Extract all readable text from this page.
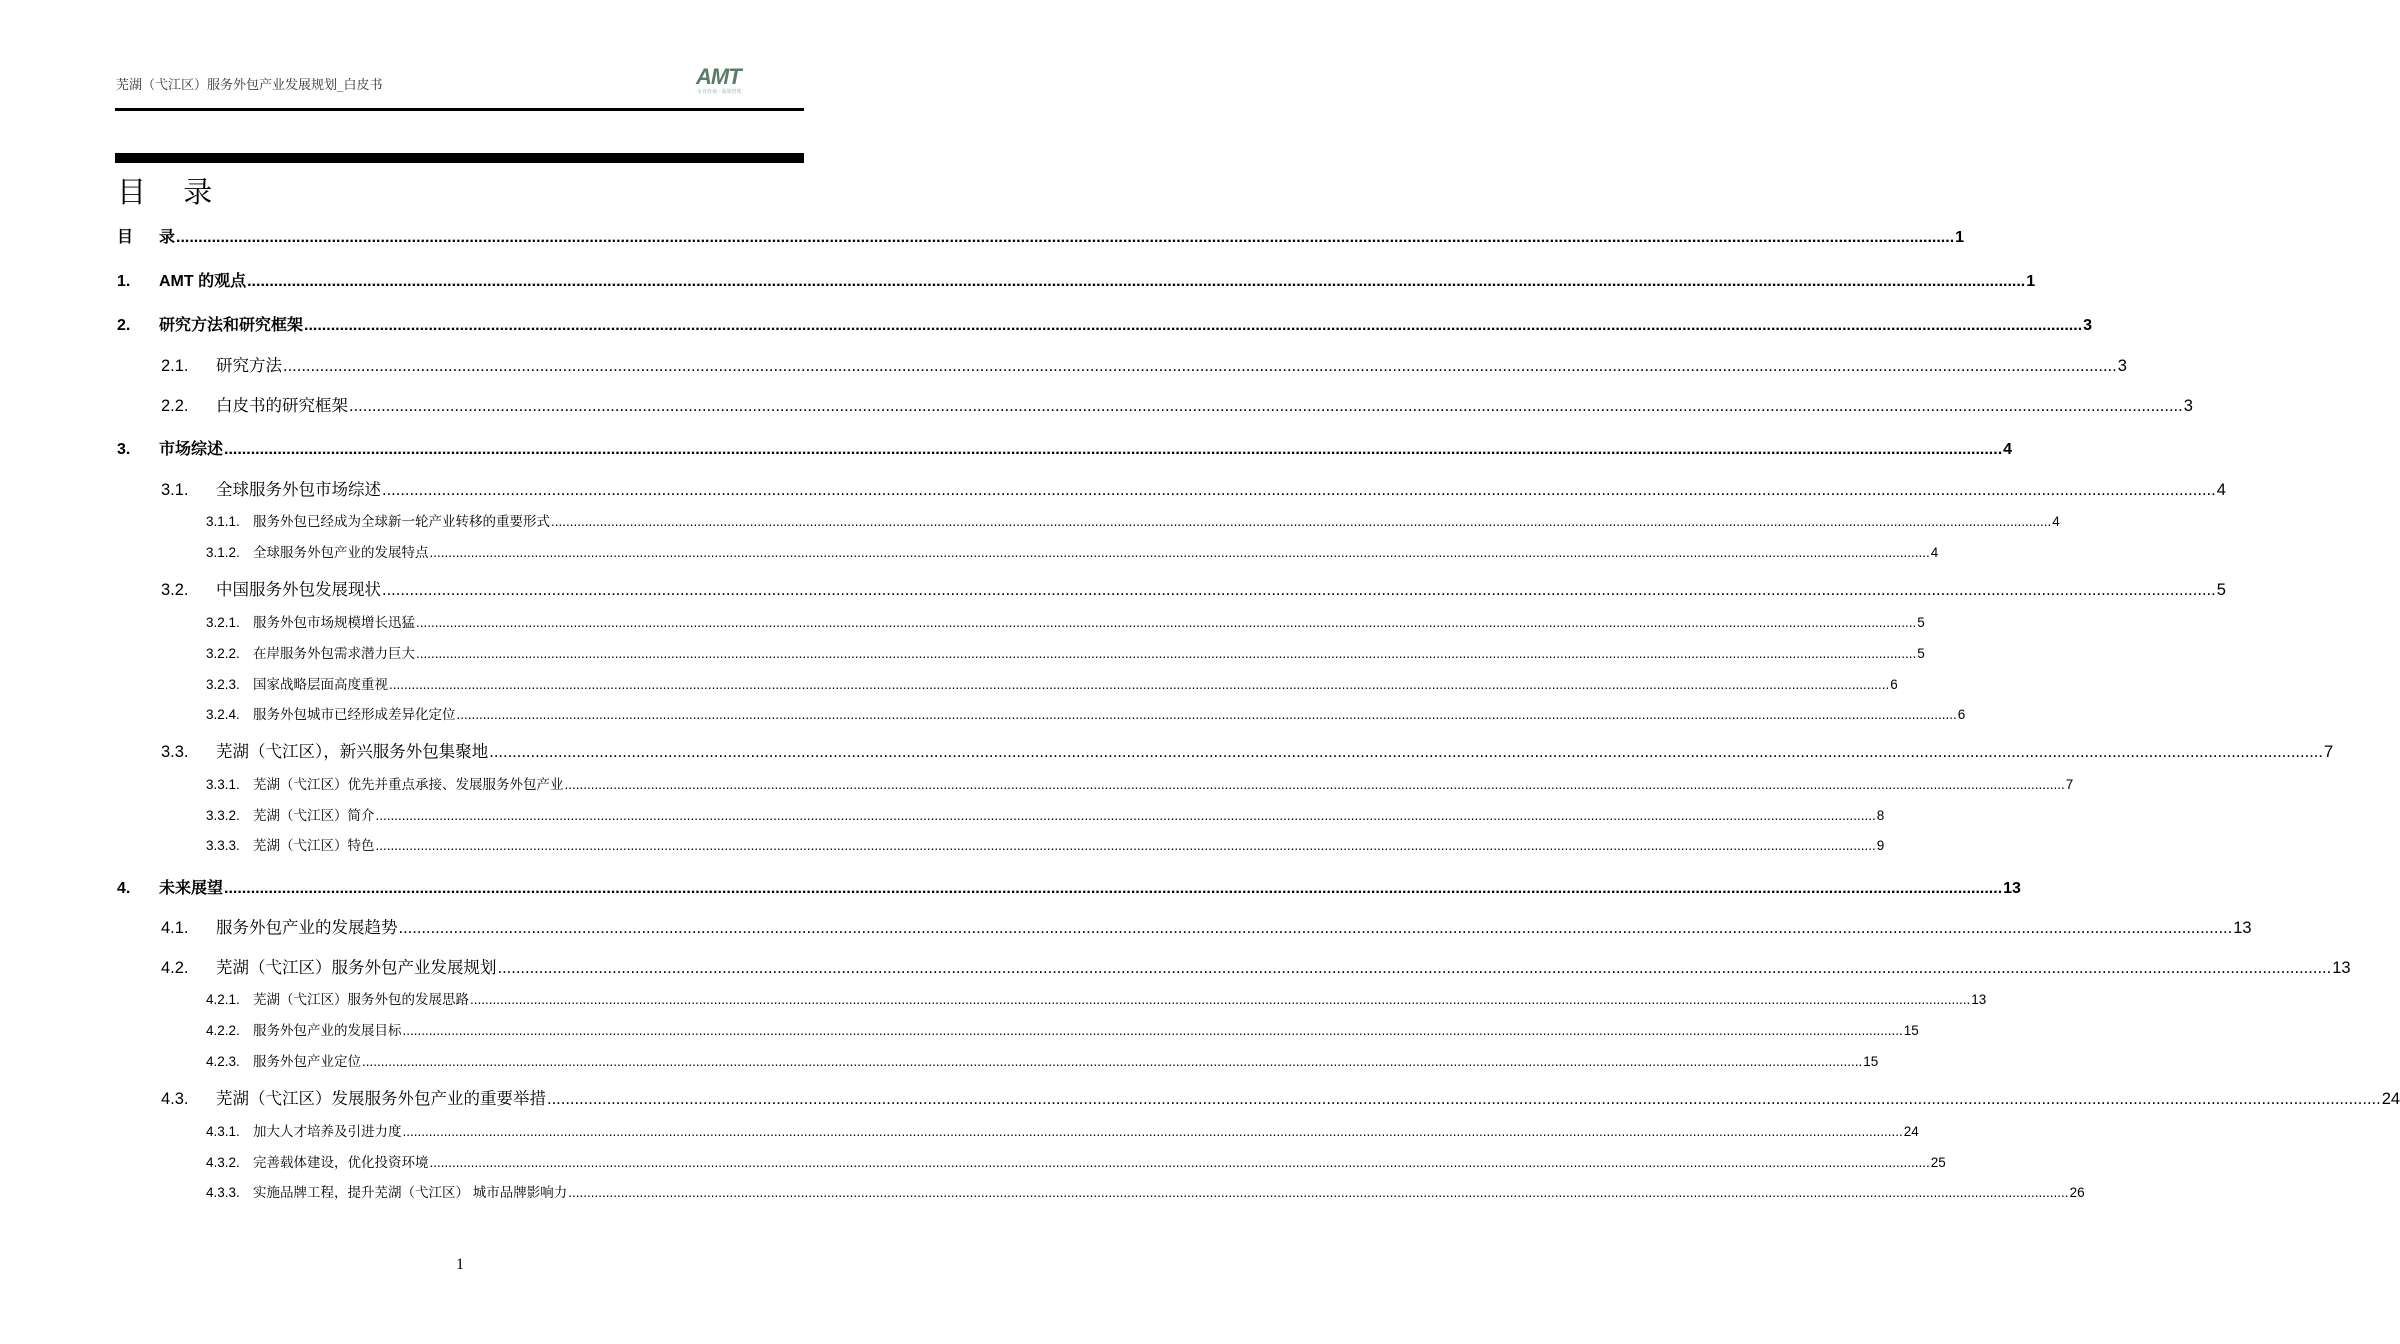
芜湖（弋江区）服务外包产业发展规划_白皮书	AMT
专业咨询 · 高效管理
目 录
目	录 ................................................................................................................................................................................................................................................................................................................................................................................................................ 1
1.	AMT 的观点 ................................................................................................................................................................................................................................................................................................................................................................................................................ 1
2.	研究方法和研究框架 ................................................................................................................................................................................................................................................................................................................................................................................................................ 3
2.1.	研究方法 ................................................................................................................................................................................................................................................................................................................................................................................................................ 3
2.2.	白皮书的研究框架 ................................................................................................................................................................................................................................................................................................................................................................................................................ 3
3.	市场综述 ................................................................................................................................................................................................................................................................................................................................................................................................................ 4
3.1.	全球服务外包市场综述 ................................................................................................................................................................................................................................................................................................................................................................................................................ 4
3.1.1. 服务外包已经成为全球新一轮产业转移的重要形式 ................................................................................................................................................................................................................................................................................................................................................................................................................ 4
3.1.2. 全球服务外包产业的发展特点 ................................................................................................................................................................................................................................................................................................................................................................................................................ 4
3.2.	中国服务外包发展现状 ................................................................................................................................................................................................................................................................................................................................................................................................................ 5
3.2.1. 服务外包市场规模增长迅猛 ................................................................................................................................................................................................................................................................................................................................................................................................................ 5
3.2.2. 在岸服务外包需求潜力巨大 ................................................................................................................................................................................................................................................................................................................................................................................................................ 5
3.2.3. 国家战略层面高度重视 ................................................................................................................................................................................................................................................................................................................................................................................................................ 6
3.2.4. 服务外包城市已经形成差异化定位 ................................................................................................................................................................................................................................................................................................................................................................................................................ 6
3.3.	芜湖（弋江区），新兴服务外包集聚地 ................................................................................................................................................................................................................................................................................................................................................................................................................ 7
3.3.1. 芜湖（弋江区）优先并重点承接、发展服务外包产业 ................................................................................................................................................................................................................................................................................................................................................................................................................ 7
3.3.2. 芜湖（弋江区）简介 ................................................................................................................................................................................................................................................................................................................................................................................................................ 8
3.3.3. 芜湖（弋江区）特色 ................................................................................................................................................................................................................................................................................................................................................................................................................ 9
4.	未来展望 ................................................................................................................................................................................................................................................................................................................................................................................................................ 13
4.1.	服务外包产业的发展趋势 ................................................................................................................................................................................................................................................................................................................................................................................................................ 13
4.2.	芜湖（弋江区）服务外包产业发展规划 ................................................................................................................................................................................................................................................................................................................................................................................................................ 13
4.2.1. 芜湖（弋江区）服务外包的发展思路 ................................................................................................................................................................................................................................................................................................................................................................................................................ 13
4.2.2. 服务外包产业的发展目标 ................................................................................................................................................................................................................................................................................................................................................................................................................ 15
4.2.3. 服务外包产业定位 ................................................................................................................................................................................................................................................................................................................................................................................................................ 15
4.3.	芜湖（弋江区）发展服务外包产业的重要举措 ................................................................................................................................................................................................................................................................................................................................................................................................................ 24
4.3.1. 加大人才培养及引进力度 ................................................................................................................................................................................................................................................................................................................................................................................................................ 24
4.3.2. 完善载体建设，优化投资环境 ................................................................................................................................................................................................................................................................................................................................................................................................................ 25
4.3.3. 实施品牌工程，提升芜湖（弋江区） 城市品牌影响力 ................................................................................................................................................................................................................................................................................................................................................................................................................ 26
1
